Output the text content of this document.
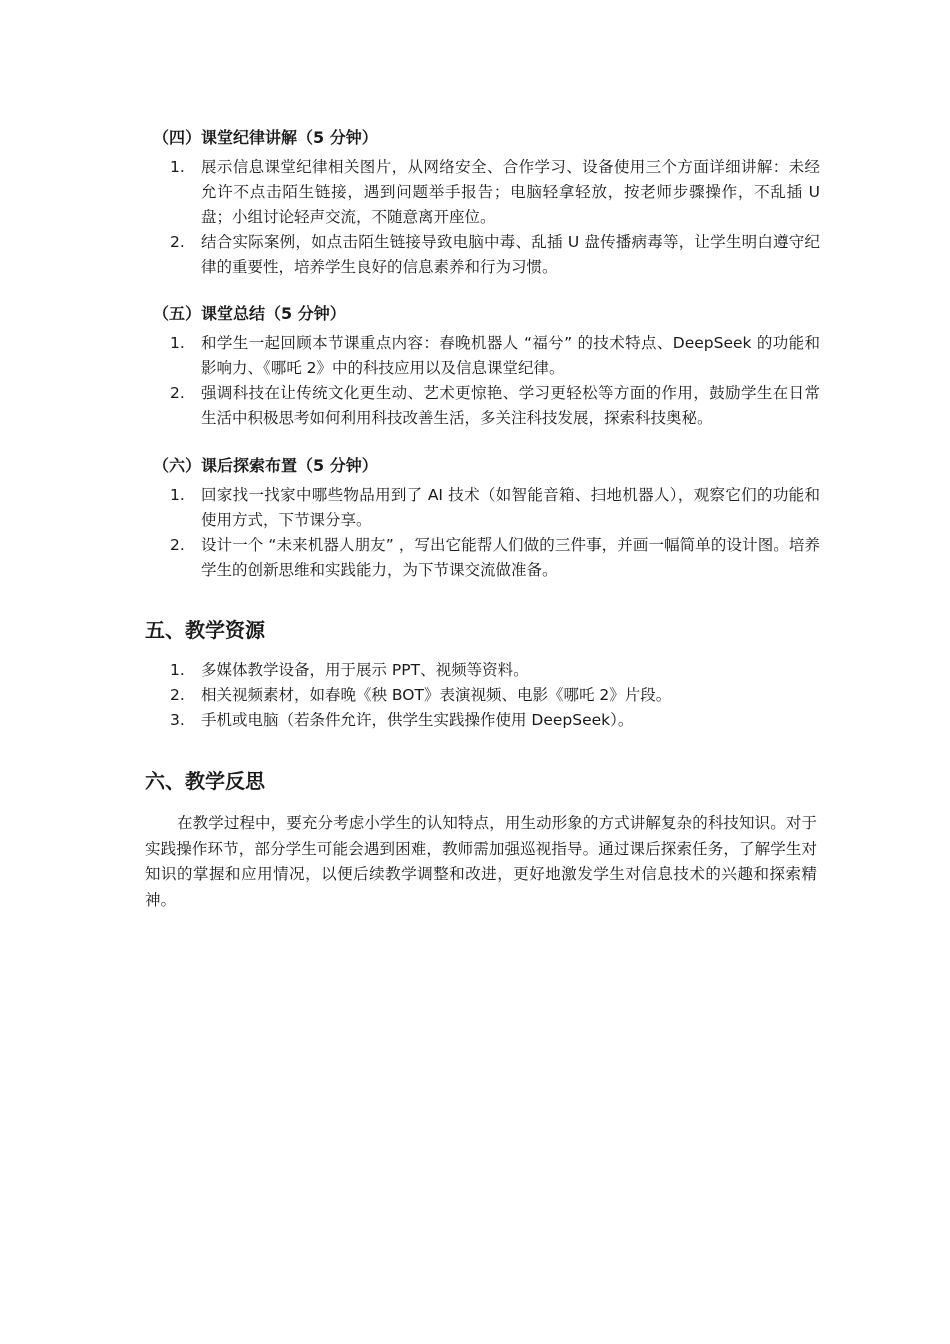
（四）课堂纪律讲解（5 分钟）
1.	展示信息课堂纪律相关图片，从网络安全、合作学习、设备使用三个方面详细讲解：未经允许不点击陌生链接，遇到问题举手报告；电脑轻拿轻放，按老师步骤操作，不乱插 U 盘；小组讨论轻声交流，不随意离开座位。
2.	结合实际案例，如点击陌生链接导致电脑中毒、乱插 U 盘传播病毒等，让学生明白遵守纪律的重要性，培养学生良好的信息素养和行为习惯。
（五）课堂总结（5 分钟）
1.	和学生一起回顾本节课重点内容：春晚机器人 “福兮” 的技术特点、DeepSeek 的功能和影响力、《哪吒 2》中的科技应用以及信息课堂纪律。
2.	强调科技在让传统文化更生动、艺术更惊艳、学习更轻松等方面的作用，鼓励学生在日常生活中积极思考如何利用科技改善生活，多关注科技发展，探索科技奥秘。
（六）课后探索布置（5 分钟）
1.	回家找一找家中哪些物品用到了 AI 技术（如智能音箱、扫地机器人），观察它们的功能和使用方式，下节课分享。
2.	设计一个 “未来机器人朋友” ，写出它能帮人们做的三件事，并画一幅简单的设计图。培养学生的创新思维和实践能力，为下节课交流做准备。
五、教学资源
1.	多媒体教学设备，用于展示 PPT、视频等资料。
2.	相关视频素材，如春晚《秧 BOT》表演视频、电影《哪吒 2》片段。
3.	手机或电脑（若条件允许，供学生实践操作使用 DeepSeek）。
六、教学反思
在教学过程中，要充分考虑小学生的认知特点，用生动形象的方式讲解复杂的科技知识。对于实践操作环节，部分学生可能会遇到困难，教师需加强巡视指导。通过课后探索任务，了解学生对知识的掌握和应用情况，以便后续教学调整和改进，更好地激发学生对信息技术的兴趣和探索精神。
